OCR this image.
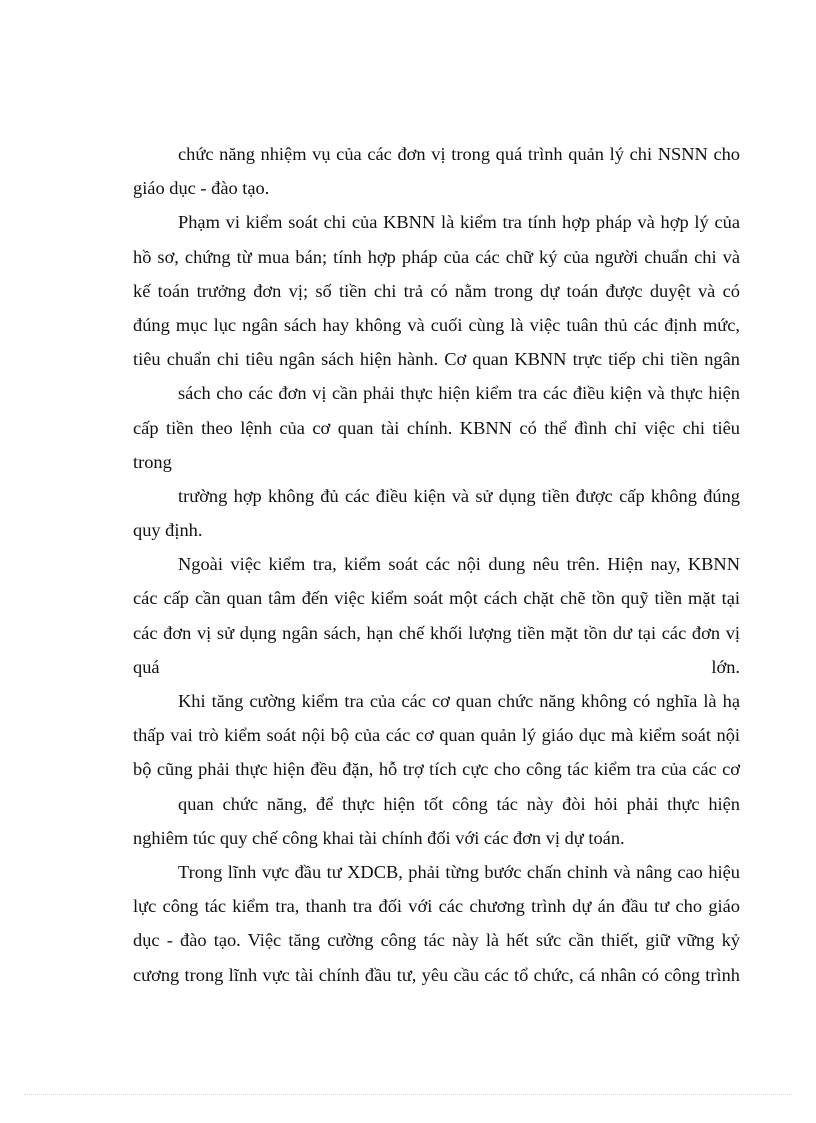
chức năng nhiệm vụ của các đơn vị trong quá trình quản lý chi NSNN cho
giáo dục - đào tạo.
Phạm vi kiểm soát chi của KBNN là kiểm tra tính hợp pháp và hợp lý của
hồ sơ, chứng từ mua bán; tính hợp pháp của các chữ ký của người chuẩn chi và
kế toán trưởng đơn vị; số tiền chi trả có nằm trong dự toán được duyệt và có
đúng mục lục ngân sách hay không và cuối cùng là việc tuân thủ các định mức,
tiêu chuẩn chi tiêu ngân sách hiện hành. Cơ quan KBNN trực tiếp chi tiền ngân
sách cho các đơn vị cần phải thực hiện kiểm tra các điều kiện và thực hiện
cấp tiền theo lệnh của cơ quan tài chính. KBNN có thể đình chỉ việc chi tiêu
trong
trường hợp không đủ các điều kiện và sử dụng tiền được cấp không đúng
quy định.
Ngoài việc kiểm tra, kiểm soát các nội dung nêu trên. Hiện nay, KBNN
các cấp cần quan tâm đến việc kiểm soát một cách chặt chẽ tồn quỹ tiền mặt tại
các đơn vị sử dụng ngân sách, hạn chế khối lượng tiền mặt tồn dư tại các đơn vị
quá	lớn.
Khi tăng cường kiểm tra của các cơ quan chức năng không có nghĩa là hạ
thấp vai trò kiểm soát nội bộ của các cơ quan quản lý giáo dục mà kiểm soát nội
bộ cũng phải thực hiện đều đặn, hỗ trợ tích cực cho công tác kiểm tra của các cơ
quan chức năng, để thực hiện tốt công tác này đòi hỏi phải thực hiện
nghiêm túc quy chế công khai tài chính đối với các đơn vị dự toán.
Trong lĩnh vực đầu tư XDCB, phải từng bước chấn chỉnh và nâng cao hiệu
lực công tác kiểm tra, thanh tra đối với các chương trình dự án đầu tư cho giáo
dục - đào tạo. Việc tăng cường công tác này là hết sức cần thiết, giữ vững kỷ
cương trong lĩnh vực tài chính đầu tư, yêu cầu các tổ chức, cá nhân có công trình
